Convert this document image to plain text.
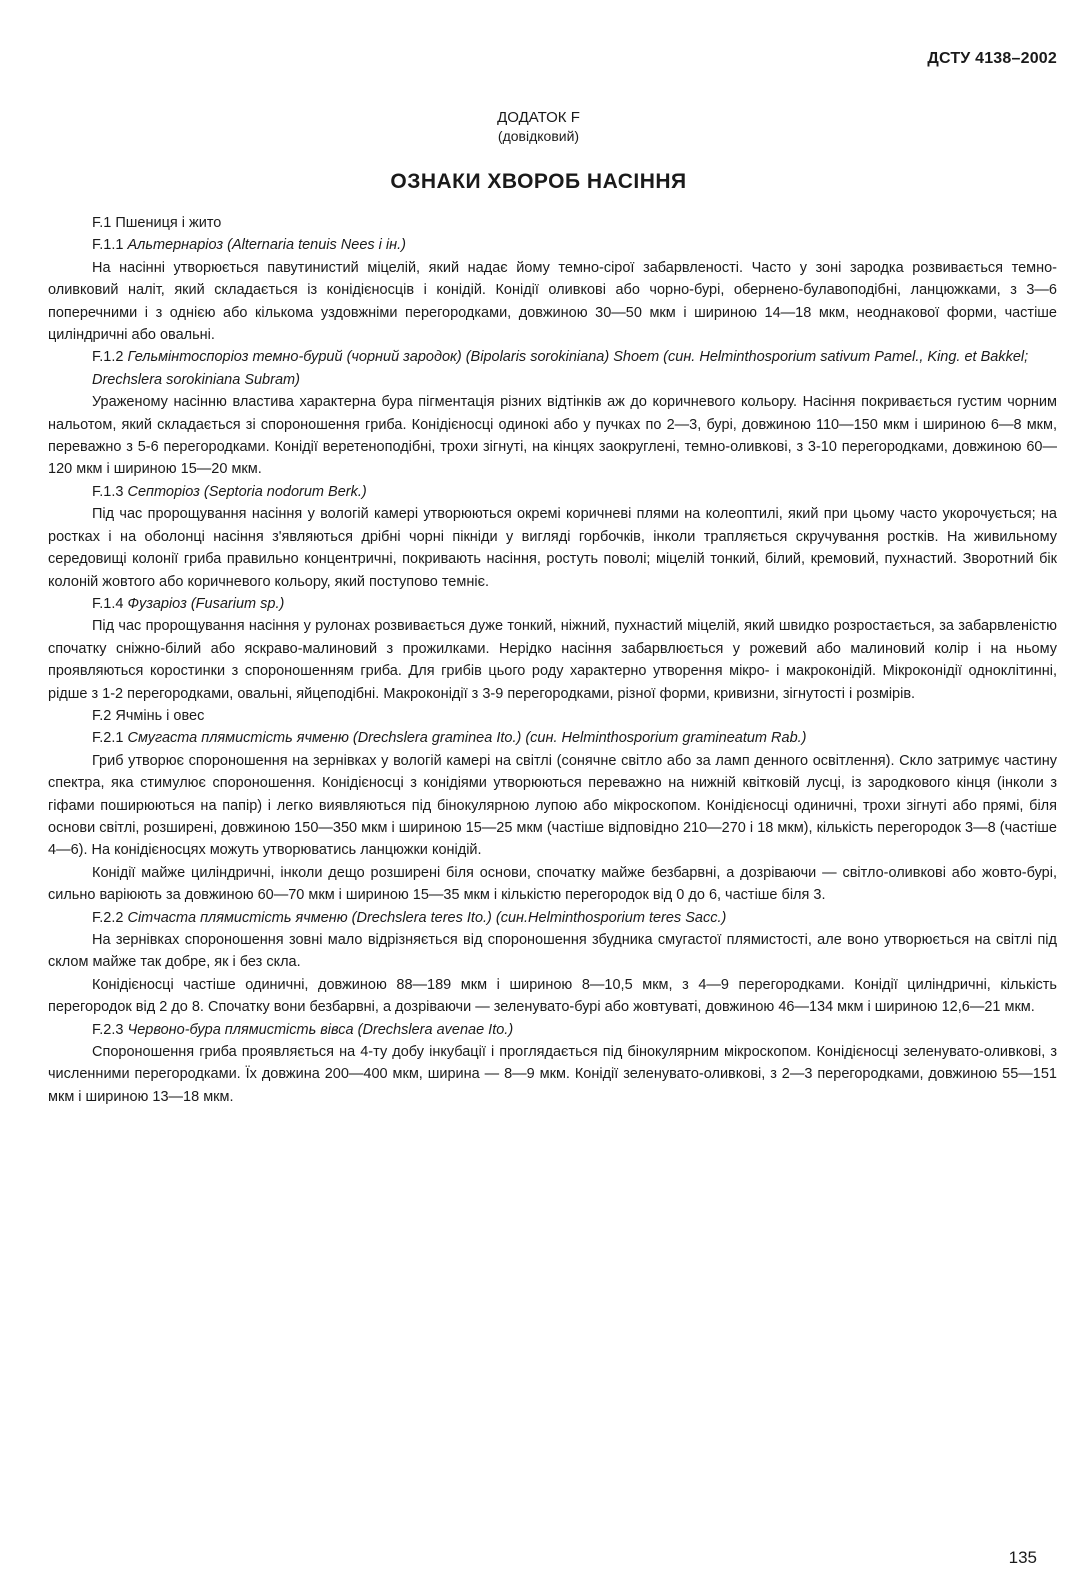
ДСТУ 4138–2002
ДОДАТОК F
(довідковий)
ОЗНАКИ ХВОРОБ НАСІННЯ
F.1 Пшениця і жито
F.1.1 Альтернаріоз (Alternaria tenuis Nees i ін.)

На насінні утворюється павутинистий міцелій, який надає йому темно-сірої забарвленості. Часто у зоні зародка розвивається темно-оливковий наліт, який складається із конідієносців і конідій. Конідії оливкові або чорно-бурі, обернено-булавоподібні, ланцюжками, з 3—6 поперечними і з однією або кількома уздовжніми перегородками, довжиною 30—50 мкм і шириною 14—18 мкм, неоднакової форми, частіше циліндричні або овальні.

F.1.2 Гельмінтоспоріоз темно-бурий (чорний зародок) (Bipolaris sorokiniana) Shoem (син. Helminthosporium sativum Pamel., King. et Bakkel; Drechslera sorokiniana Subram)

Ураженому насінню властива характерна бура пігментація різних відтінків аж до коричневого кольору. Насіння покривається густим чорним нальотом, який складається зі спороношення гриба. Конідієносці одинокі або у пучках по 2—3, бурі, довжиною 110—150 мкм і шириною 6—8 мкм, переважно з 5-6 перегородками. Конідії веретеноподібні, трохи зігнуті, на кінцях заокруглені, темно-оливкові, з 3-10 перегородками, довжиною 60—120 мкм і шириною 15—20 мкм.

F.1.3 Септоріоз (Septoria nodorum Berk.)

Під час пророщування насіння у вологій камері утворюються окремі коричневі плями на колеоптилі, який при цьому часто укорочується; на ростках і на оболонці насіння з'являються дрібні чорні пікніди у вигляді горбочків, інколи трапляється скручування ростків. На живильному середовищі колонії гриба правильно концентричні, покривають насіння, ростуть поволі; міцелій тонкий, білий, кремовий, пухнастий. Зворотний бік колоній жовтого або коричневого кольору, який поступово темніє.

F.1.4 Фузаріоз (Fusarium sp.)

Під час пророщування насіння у рулонах розвивається дуже тонкий, ніжний, пухнастий міцелій, який швидко розростається, за забарвленістю спочатку сніжно-білий або яскраво-малиновий з прожилками. Нерідко насіння забарвлюється у рожевий або малиновий колір і на ньому проявляються коростинки з спороношенням гриба. Для грибів цього роду характерно утворення мікро- і макроконідій. Мікроконідії одноклітинні, рідше з 1-2 перегородками, овальні, яйцеподібні. Макроконідії з 3-9 перегородками, різної форми, кривизни, зігнутості і розмірів.

F.2 Ячмінь і овес
F.2.1 Смугаста плямистість ячменю (Drechslera graminea Ito.) (син. Helminthosporium gramineatum Rab.)

Гриб утворює спороношення на зернівках у вологій камері на світлі (сонячне світло або за ламп денного освітлення). Скло затримує частину спектра, яка стимулює спороношення. Конідієносці з конідіями утворюються переважно на нижній квітковій лусці, із зародкового кінця (інколи з гіфами поширюються на папір) і легко виявляються під бінокулярною лупою або мікроскопом. Конідієносці одиничні, трохи зігнуті або прямі, біля основи світлі, розширені, довжиною 150—350 мкм і шириною 15—25 мкм (частіше відповідно 210—270 і 18 мкм), кількість перегородок 3—8 (частіше 4—6). На конідієносцях можуть утворюватись ланцюжки конідій.

Конідії майже циліндричні, інколи дещо розширені біля основи, спочатку майже безбарвні, а дозріваючи — світло-оливкові або жовто-бурі, сильно варіюють за довжиною 60—70 мкм і шириною 15—35 мкм і кількістю перегородок від 0 до 6, частіше біля 3.

F.2.2 Сітчаста плямистість ячменю (Drechslera teres Ito.) (син.Helminthosporium teres Sacc.)

На зернівках спороношення зовні мало відрізняється від спороношення збудника смугастої плямистості, але воно утворюється на світлі під склом майже так добре, як і без скла.

Конідієносці частіше одиничні, довжиною 88—189 мкм і шириною 8—10,5 мкм, з 4—9 перегородками. Конідії циліндричні, кількість перегородок від 2 до 8. Спочатку вони безбарвні, а дозріваючи — зеленувато-бурі або жовтуваті, довжиною 46—134 мкм і шириною 12,6—21 мкм.

F.2.3 Червоно-бура плямистість вівса (Drechslera avenae Ito.)

Спороношення гриба проявляється на 4-ту добу інкубації і проглядається під бінокулярним мікроскопом. Конідієносці зеленувато-оливкові, з численними перегородками. Їх довжина 200—400 мкм, ширина — 8—9 мкм. Конідії зеленувато-оливкові, з 2—3 перегородками, довжиною 55—151 мкм і шириною 13—18 мкм.

135
